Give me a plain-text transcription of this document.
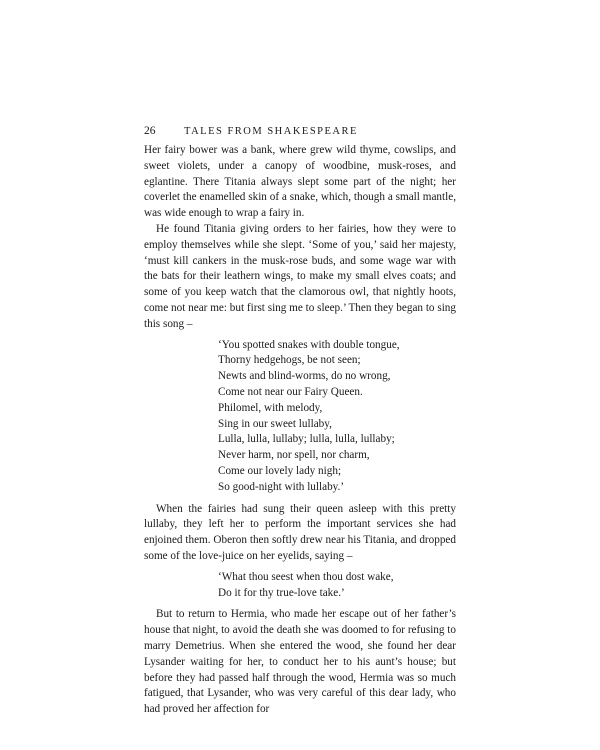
26	TALES FROM SHAKESPEARE

Her fairy bower was a bank, where grew wild thyme, cowslips, and sweet violets, under a canopy of woodbine, musk-roses, and eglantine. There Titania always slept some part of the night; her coverlet the enamelled skin of a snake, which, though a small mantle, was wide enough to wrap a fairy in.

He found Titania giving orders to her fairies, how they were to employ themselves while she slept. ‘Some of you,’ said her majesty, ‘must kill cankers in the musk-rose buds, and some wage war with the bats for their leathern wings, to make my small elves coats; and some of you keep watch that the clamorous owl, that nightly hoots, come not near me: but first sing me to sleep.’ Then they began to sing this song –

‘You spotted snakes with double tongue,
Thorny hedgehogs, be not seen;
Newts and blind-worms, do no wrong,
Come not near our Fairy Queen.
Philomel, with melody,
Sing in our sweet lullaby,
Lulla, lulla, lullaby; lulla, lulla, lullaby;
Never harm, nor spell, nor charm,
Come our lovely lady nigh;
So good-night with lullaby.’

When the fairies had sung their queen asleep with this pretty lullaby, they left her to perform the important services she had enjoined them. Oberon then softly drew near his Titania, and dropped some of the love-juice on her eyelids, saying –

‘What thou seest when thou dost wake,
Do it for thy true-love take.’

But to return to Hermia, who made her escape out of her father’s house that night, to avoid the death she was doomed to for refusing to marry Demetrius. When she entered the wood, she found her dear Lysander waiting for her, to conduct her to his aunt’s house; but before they had passed half through the wood, Hermia was so much fatigued, that Lysander, who was very careful of this dear lady, who had proved her affection for
